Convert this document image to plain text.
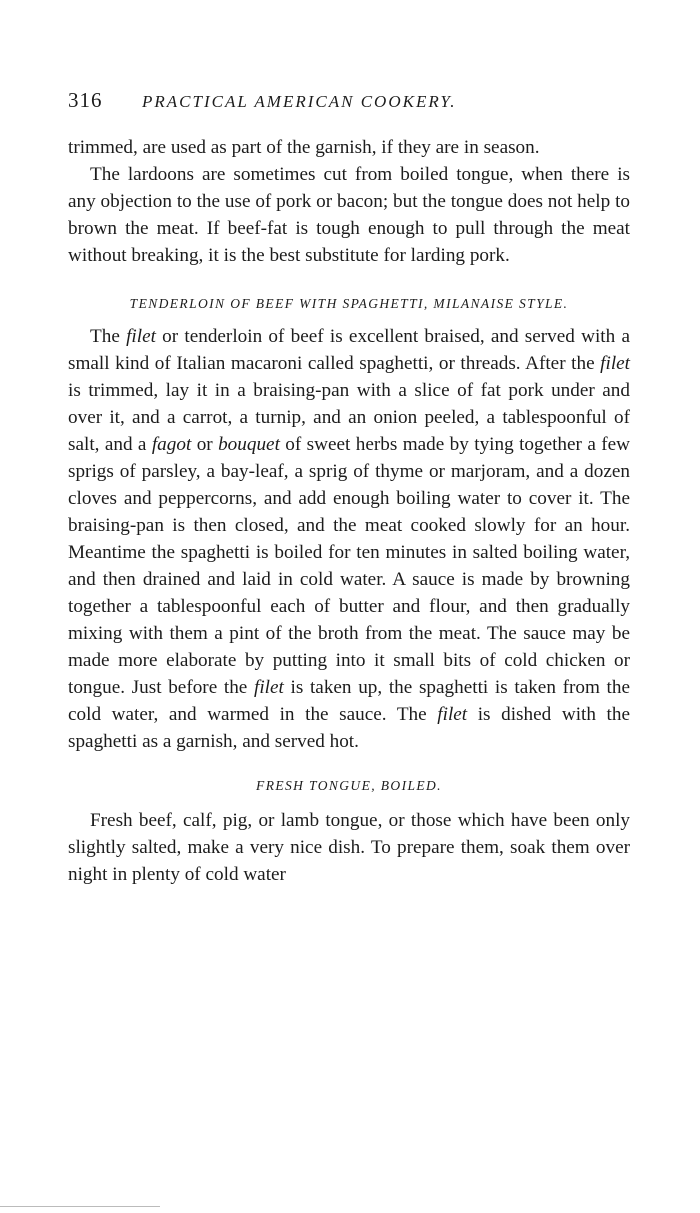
316	PRACTICAL AMERICAN COOKERY.

trimmed, are used as part of the garnish, if they are in season.

The lardoons are sometimes cut from boiled tongue, when there is any objection to the use of pork or bacon; but the tongue does not help to brown the meat. If beef-fat is tough enough to pull through the meat without breaking, it is the best substitute for larding pork.

TENDERLOIN OF BEEF WITH SPAGHETTI, MILANAISE STYLE.

The filet or tenderloin of beef is excellent braised, and served with a small kind of Italian macaroni called spaghetti, or threads. After the filet is trimmed, lay it in a braising-pan with a slice of fat pork under and over it, and a carrot, a turnip, and an onion peeled, a tablespoonful of salt, and a fagot or bouquet of sweet herbs made by tying together a few sprigs of parsley, a bay-leaf, a sprig of thyme or marjoram, and a dozen cloves and peppercorns, and add enough boiling water to cover it. The braising-pan is then closed, and the meat cooked slowly for an hour. Meantime the spaghetti is boiled for ten minutes in salted boiling water, and then drained and laid in cold water. A sauce is made by browning together a tablespoonful each of butter and flour, and then gradually mixing with them a pint of the broth from the meat. The sauce may be made more elaborate by putting into it small bits of cold chicken or tongue. Just before the filet is taken up, the spaghetti is taken from the cold water, and warmed in the sauce. The filet is dished with the spaghetti as a garnish, and served hot.

FRESH TONGUE, BOILED.

Fresh beef, calf, pig, or lamb tongue, or those which have been only slightly salted, make a very nice dish. To prepare them, soak them over night in plenty of cold water
